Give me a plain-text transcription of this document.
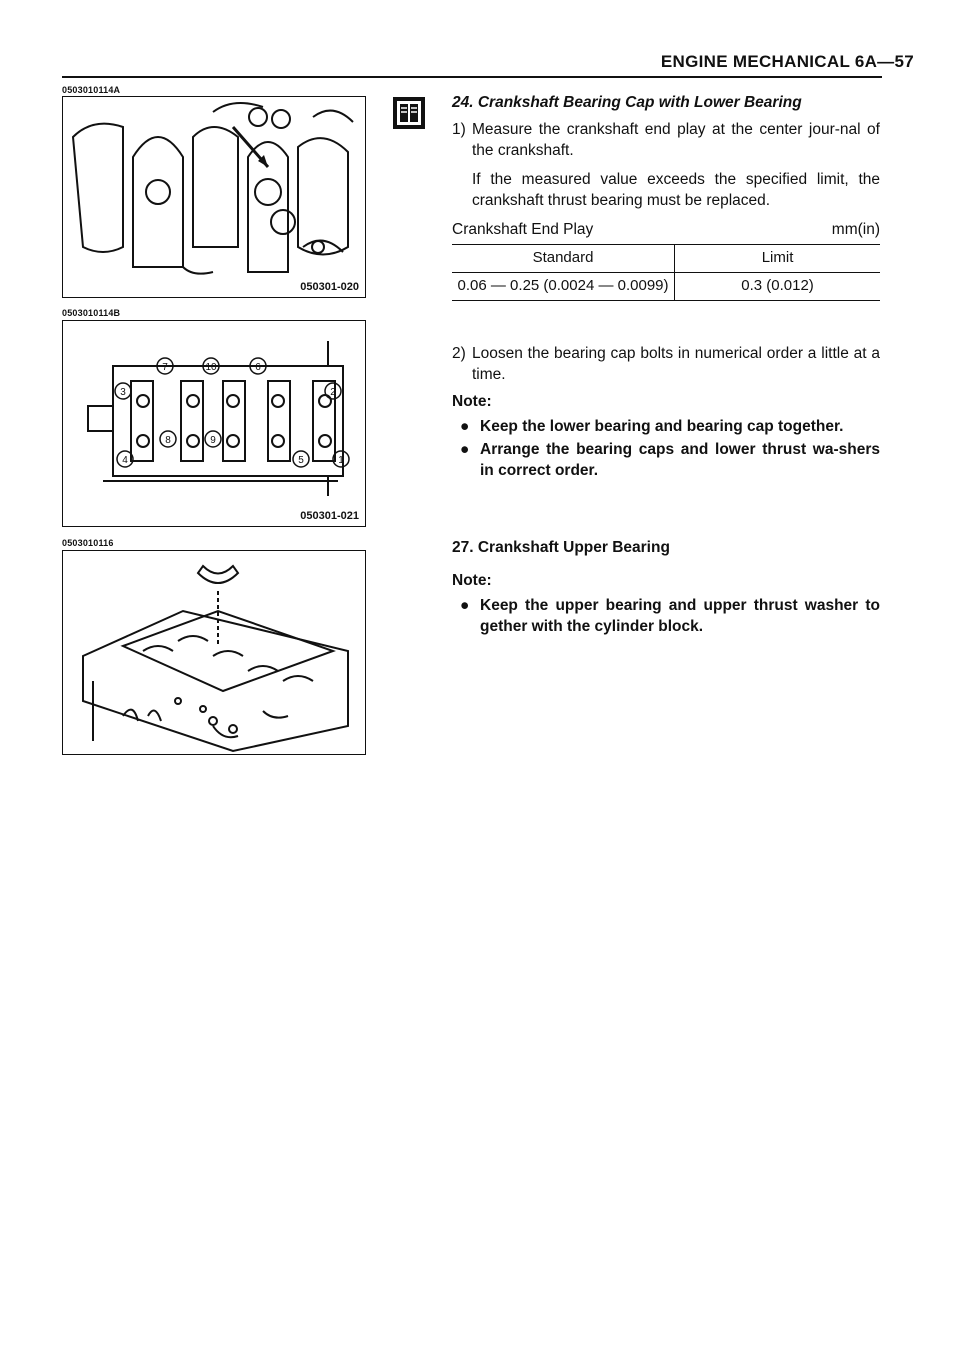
ENGINE MECHANICAL 6A—57
0503010114A
050301-020
0503010114B
3
7	10	6
2
4
8	9
5	1
050301-021
0503010116
24. Crankshaft Bearing Cap with Lower Bearing
1) Measure the crankshaft end play at the center jour-nal of the crankshaft.
If the measured value exceeds the specified limit, the crankshaft thrust bearing must be replaced.
Crankshaft End Play	mm(in)
Standard	Limit
0.06 — 0.25 (0.0024 — 0.0099)	0.3 (0.012)
2) Loosen the bearing cap bolts in numerical order a little at a time.
Note:
● Keep the lower bearing and bearing cap together.
● Arrange the bearing caps and lower thrust wa-shers in correct order.
27. Crankshaft Upper Bearing
Note:
● Keep the upper bearing and upper thrust washer to gether with the cylinder block.
